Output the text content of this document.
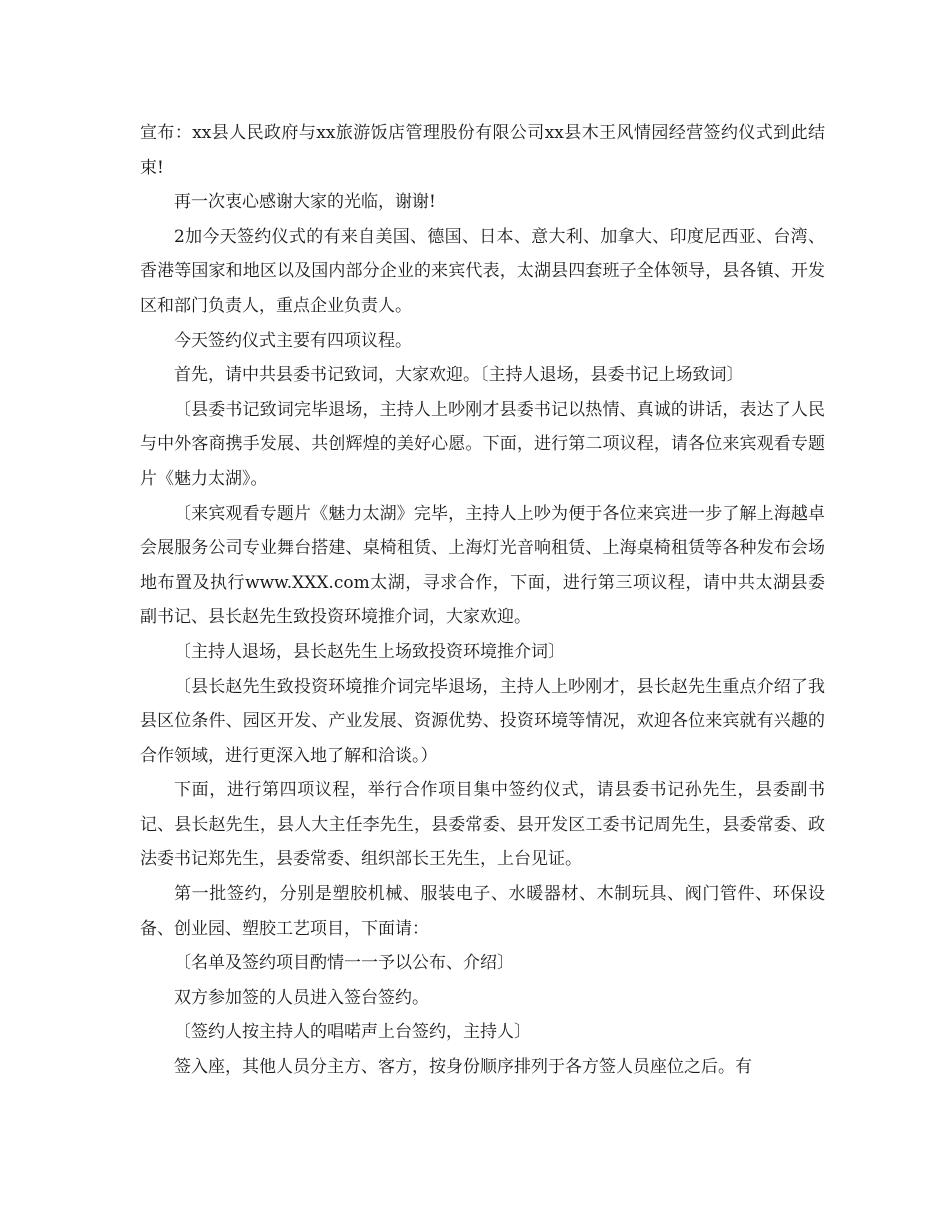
宣布：xx县人民政府与xx旅游饭店管理股份有限公司xx县木王风情园经营签约仪式到此结束!

再一次衷心感谢大家的光临，谢谢!

2加今天签约仪式的有来自美国、德国、日本、意大利、加拿大、印度尼西亚、台湾、香港等国家和地区以及国内部分企业的来宾代表，太湖县四套班子全体领导，县各镇、开发区和部门负责人，重点企业负责人。

今天签约仪式主要有四项议程。

首先，请中共县委书记致词，大家欢迎。〔主持人退场，县委书记上场致词〕

〔县委书记致词完毕退场，主持人上吵刚才县委书记以热情、真诚的讲话，表达了人民与中外客商携手发展、共创辉煌的美好心愿。下面，进行第二项议程，请各位来宾观看专题片《魅力太湖》。

〔来宾观看专题片《魅力太湖》完毕，主持人上吵为便于各位来宾进一步了解上海越卓会展服务公司专业舞台搭建、桌椅租赁、上海灯光音响租赁、上海桌椅租赁等各种发布会场地布置及执行www.XXX.com太湖，寻求合作，下面，进行第三项议程，请中共太湖县委副书记、县长赵先生致投资环境推介词，大家欢迎。

〔主持人退场，县长赵先生上场致投资环境推介词〕

〔县长赵先生致投资环境推介词完毕退场，主持人上吵刚才，县长赵先生重点介绍了我县区位条件、园区开发、产业发展、资源优势、投资环境等情况，欢迎各位来宾就有兴趣的合作领域，进行更深入地了解和洽谈。）

下面，进行第四项议程，举行合作项目集中签约仪式，请县委书记孙先生，县委副书记、县长赵先生，县人大主任李先生，县委常委、县开发区工委书记周先生，县委常委、政法委书记郑先生，县委常委、组织部长王先生，上台见证。

第一批签约，分别是塑胶机械、服装电子、水暖器材、木制玩具、阀门管件、环保设备、创业园、塑胶工艺项目，下面请：

〔名单及签约项目酌情一一予以公布、介绍〕

双方参加签的人员进入签台签约。

〔签约人按主持人的唱喏声上台签约，主持人〕

签入座，其他人员分主方、客方，按身份顺序排列于各方签人员座位之后。有
